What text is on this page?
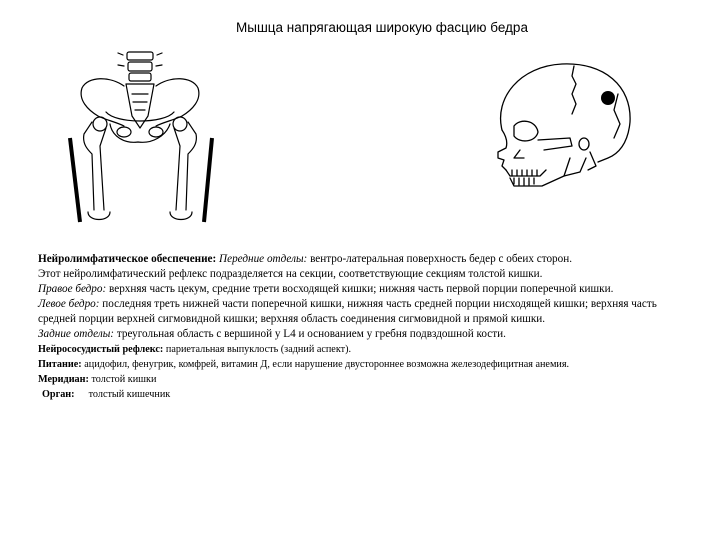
Мышца напрягающая широкую фасцию бедра

Нейролимфатическое обеспечение: Передние отделы: вентро-латеральная поверхность бедер с обеих сторон.

Этот нейролимфатический рефлекс подразделяется на секции, соответствующие секциям толстой кишки.

Правое бедро: верхняя часть цекум, средние трети восходящей кишки; нижняя часть первой порции поперечной кишки.

Левое бедро: последняя треть нижней части поперечной кишки, нижняя часть средней порции нисходящей кишки; верхняя часть средней порции верхней сигмовидной кишки; верхняя область соединения сигмовидной и прямой кишки.

Задние отделы: треугольная область с вершиной у L4 и основанием у гребня подвздошной кости.

Нейрососудистый рефлекс: париетальная выпуклость (задний аспект).

Питание: ацидофил, фенугрик, комфрей, витамин Д, если нарушение двустороннее возможна железодефицитная анемия.

Меридиан: толстой кишки

Орган: толстый кишечник
